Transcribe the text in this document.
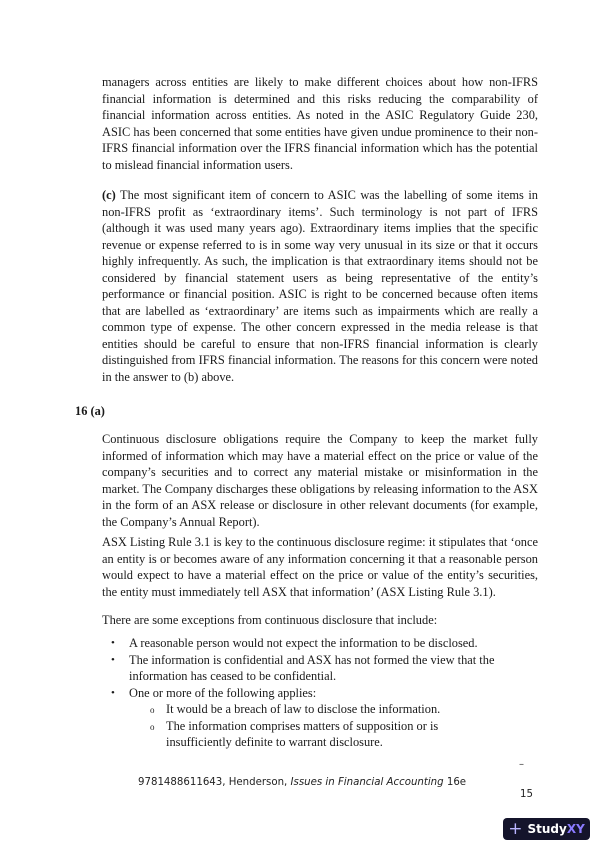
managers across entities are likely to make different choices about how non-IFRS financial information is determined and this risks reducing the comparability of financial information across entities. As noted in the ASIC Regulatory Guide 230, ASIC has been concerned that some entities have given undue prominence to their non-IFRS financial information over the IFRS financial information which has the potential to mislead financial information users.

(c) The most significant item of concern to ASIC was the labelling of some items in non-IFRS profit as ‘extraordinary items’. Such terminology is not part of IFRS (although it was used many years ago). Extraordinary items implies that the specific revenue or expense referred to is in some way very unusual in its size or that it occurs highly infrequently. As such, the implication is that extraordinary items should not be considered by financial statement users as being representative of the entity’s performance or financial position. ASIC is right to be concerned because often items that are labelled as ‘extraordinary’ are items such as impairments which are really a common type of expense. The other concern expressed in the media release is that entities should be careful to ensure that non-IFRS financial information is clearly distinguished from IFRS financial information. The reasons for this concern were noted in the answer to (b) above.

16 (a)

Continuous disclosure obligations require the Company to keep the market fully informed of information which may have a material effect on the price or value of the company’s securities and to correct any material mistake or misinformation in the market. The Company discharges these obligations by releasing information to the ASX in the form of an ASX release or disclosure in other relevant documents (for example, the Company’s Annual Report).

ASX Listing Rule 3.1 is key to the continuous disclosure regime: it stipulates that ‘once an entity is or becomes aware of any information concerning it that a reasonable person would expect to have a material effect on the price or value of the entity’s securities, the entity must immediately tell ASX that information’ (ASX Listing Rule 3.1).

There are some exceptions from continuous disclosure that include:

• A reasonable person would not expect the information to be disclosed.
• The information is confidential and ASX has not formed the view that the information has ceased to be confidential.
• One or more of the following applies:
o It would be a breach of law to disclose the information.
o The information comprises matters of supposition or is insufficiently definite to warrant disclosure.
–
9781488611643, Henderson, Issues in Financial Accounting 16e
15
+ StudyXY
